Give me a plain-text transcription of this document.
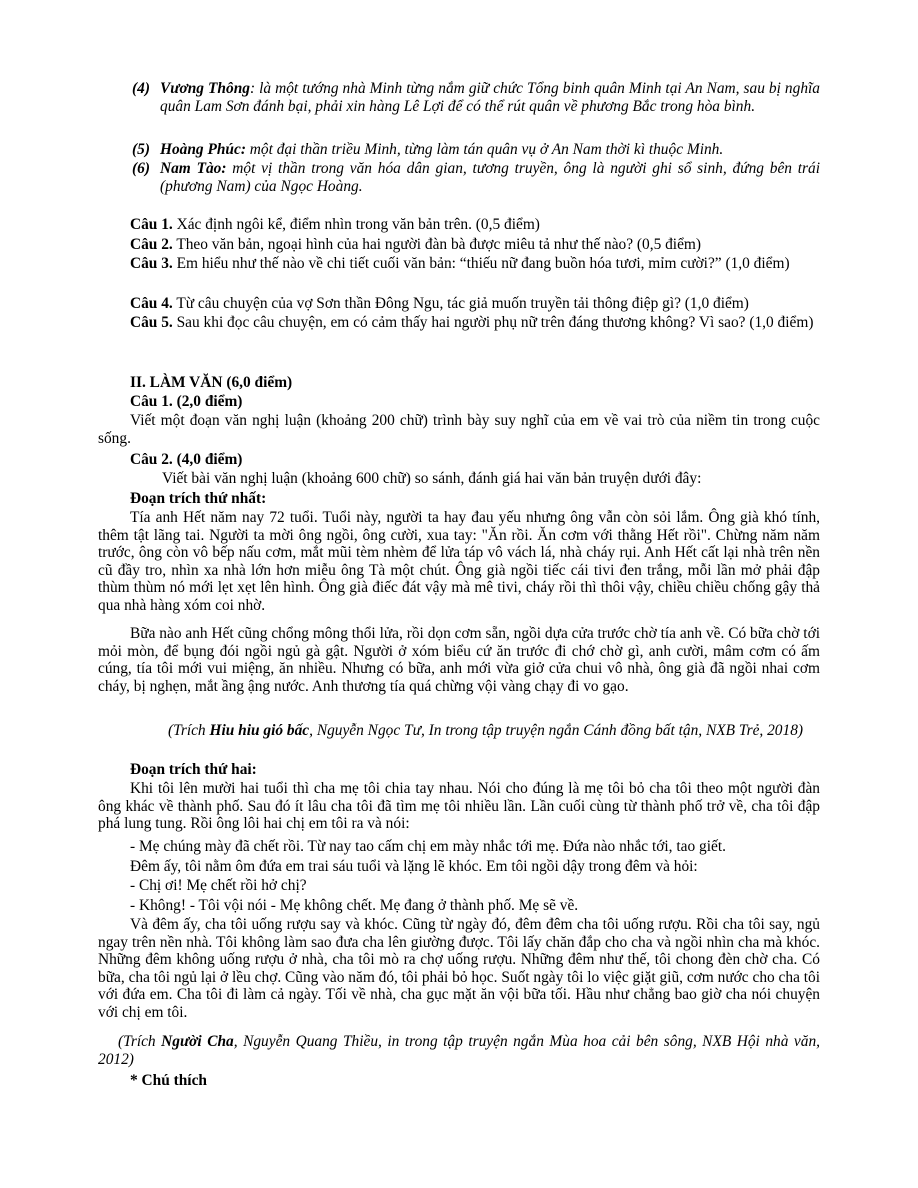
(4) Vương Thông: là một tướng nhà Minh từng nắm giữ chức Tổng binh quân Minh tại An Nam, sau bị nghĩa quân Lam Sơn đánh bại, phải xin hàng Lê Lợi để có thể rút quân về phương Bắc trong hòa bình.

(5) Hoàng Phúc: một đại thần triều Minh, từng làm tán quân vụ ở An Nam thời kì thuộc Minh.

(6) Nam Tào: một vị thần trong văn hóa dân gian, tương truyền, ông là người ghi sổ sinh, đứng bên trái (phương Nam) của Ngọc Hoàng.

Câu 1. Xác định ngôi kể, điểm nhìn trong văn bản trên. (0,5 điểm)

Câu 2. Theo văn bản, ngoại hình của hai người đàn bà được miêu tả như thế nào? (0,5 điểm)

Câu 3. Em hiểu như thế nào về chi tiết cuối văn bản: “thiếu nữ đang buồn hóa tươi, mỉm cười?” (1,0 điểm)

Câu 4. Từ câu chuyện của vợ Sơn thần Đông Ngu, tác giả muốn truyền tải thông điệp gì? (1,0 điểm)

Câu 5. Sau khi đọc câu chuyện, em có cảm thấy hai người phụ nữ trên đáng thương không? Vì sao? (1,0 điểm)

II. LÀM VĂN (6,0 điểm)

Câu 1. (2,0 điểm)

Viết một đoạn văn nghị luận (khoảng 200 chữ) trình bày suy nghĩ của em về vai trò của niềm tin trong cuộc sống.

Câu 2. (4,0 điểm)

Viết bài văn nghị luận (khoảng 600 chữ) so sánh, đánh giá hai văn bản truyện dưới đây:

Đoạn trích thứ nhất:

Tía anh Hết năm nay 72 tuổi. Tuổi này, người ta hay đau yếu nhưng ông vẫn còn sỏi lắm. Ông già khó tính, thêm tật lãng tai. Người ta mời ông ngồi, ông cười, xua tay: "Ăn rồi. Ăn cơm với thằng Hết rồi". Chừng năm năm trước, ông còn vô bếp nấu cơm, mắt mũi tèm nhèm để lửa táp vô vách lá, nhà cháy rụi. Anh Hết cất lại nhà trên nền cũ đầy tro, nhìn xa nhà lớn hơn miễu ông Tà một chút. Ông già ngồi tiếc cái tivi đen trắng, mỗi lần mở phải đập thùm thùm nó mới lẹt xẹt lên hình. Ông già điếc đát vậy mà mê tivi, cháy rồi thì thôi vậy, chiều chiều chống gậy thả qua nhà hàng xóm coi nhờ.

Bữa nào anh Hết cũng chổng mông thổi lửa, rồi dọn cơm sẵn, ngồi dựa cửa trước chờ tía anh về. Có bữa chờ tới mỏi mòn, để bụng đói ngồi ngủ gà gật. Người ở xóm biểu cứ ăn trước đi chớ chờ gì, anh cười, mâm cơm có ấm cúng, tía tôi mới vui miệng, ăn nhiều. Nhưng có bữa, anh mới vừa giở cửa chui vô nhà, ông già đã ngồi nhai cơm cháy, bị nghẹn, mắt ầng ậng nước. Anh thương tía quá chừng vội vàng chạy đi vo gạo.

(Trích Hiu hiu gió bấc, Nguyễn Ngọc Tư, In trong tập truyện ngắn Cánh đồng bất tận, NXB Trẻ, 2018)

Đoạn trích thứ hai:

Khi tôi lên mười hai tuổi thì cha mẹ tôi chia tay nhau. Nói cho đúng là mẹ tôi bỏ cha tôi theo một người đàn ông khác về thành phố. Sau đó ít lâu cha tôi đã tìm mẹ tôi nhiều lần. Lần cuối cùng từ thành phố trở về, cha tôi đập phá lung tung. Rồi ông lôi hai chị em tôi ra và nói:

- Mẹ chúng mày đã chết rồi. Từ nay tao cấm chị em mày nhắc tới mẹ. Đứa nào nhắc tới, tao giết.

Đêm ấy, tôi nằm ôm đứa em trai sáu tuổi và lặng lẽ khóc. Em tôi ngồi dậy trong đêm và hỏi:

- Chị ơi! Mẹ chết rồi hở chị?

- Không! - Tôi vội nói - Mẹ không chết. Mẹ đang ở thành phố. Mẹ sẽ về.

Và đêm ấy, cha tôi uống rượu say và khóc. Cũng từ ngày đó, đêm đêm cha tôi uống rượu. Rồi cha tôi say, ngủ ngay trên nền nhà. Tôi không làm sao đưa cha lên giường được. Tôi lấy chăn đắp cho cha và ngồi nhìn cha mà khóc. Những đêm không uống rượu ở nhà, cha tôi mò ra chợ uống rượu. Những đêm như thế, tôi chong đèn chờ cha. Có bữa, cha tôi ngủ lại ở lều chợ. Cũng vào năm đó, tôi phải bỏ học. Suốt ngày tôi lo việc giặt giũ, cơm nước cho cha tôi với đứa em. Cha tôi đi làm cả ngày. Tối về nhà, cha gục mặt ăn vội bữa tối. Hầu như chẳng bao giờ cha nói chuyện với chị em tôi.

(Trích Người Cha, Nguyễn Quang Thiều, in trong tập truyện ngắn Mùa hoa cải bên sông, NXB Hội nhà văn, 2012)

* Chú thích
